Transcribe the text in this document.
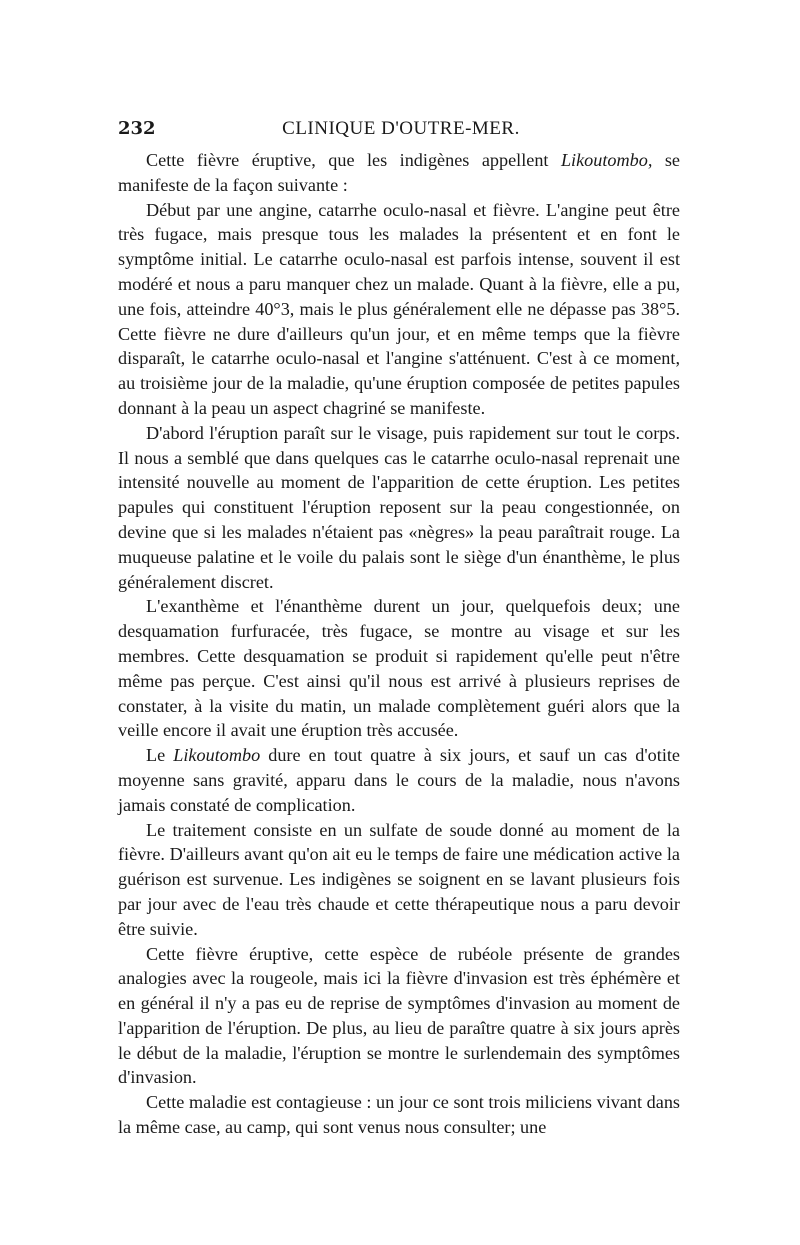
232	CLINIQUE D'OUTRE-MER.

Cette fièvre éruptive, que les indigènes appellent Likoutombo, se manifeste de la façon suivante :

Début par une angine, catarrhe oculo-nasal et fièvre. L'angine peut être très fugace, mais presque tous les malades la présentent et en font le symptôme initial. Le catarrhe oculo-nasal est parfois intense, souvent il est modéré et nous a paru manquer chez un malade. Quant à la fièvre, elle a pu, une fois, atteindre 40°3, mais le plus généralement elle ne dépasse pas 38°5. Cette fièvre ne dure d'ailleurs qu'un jour, et en même temps que la fièvre disparaît, le catarrhe oculo-nasal et l'angine s'atténuent. C'est à ce moment, au troisième jour de la maladie, qu'une éruption composée de petites papules donnant à la peau un aspect chagriné se manifeste.

D'abord l'éruption paraît sur le visage, puis rapidement sur tout le corps. Il nous a semblé que dans quelques cas le catarrhe oculo-nasal reprenait une intensité nouvelle au moment de l'apparition de cette éruption. Les petites papules qui constituent l'éruption reposent sur la peau congestionnée, on devine que si les malades n'étaient pas «nègres» la peau paraîtrait rouge. La muqueuse palatine et le voile du palais sont le siège d'un énanthème, le plus généralement discret.

L'exanthème et l'énanthème durent un jour, quelquefois deux; une desquamation furfuracée, très fugace, se montre au visage et sur les membres. Cette desquamation se produit si rapidement qu'elle peut n'être même pas perçue. C'est ainsi qu'il nous est arrivé à plusieurs reprises de constater, à la visite du matin, un malade complètement guéri alors que la veille encore il avait une éruption très accusée.

Le Likoutombo dure en tout quatre à six jours, et sauf un cas d'otite moyenne sans gravité, apparu dans le cours de la maladie, nous n'avons jamais constaté de complication.

Le traitement consiste en un sulfate de soude donné au moment de la fièvre. D'ailleurs avant qu'on ait eu le temps de faire une médication active la guérison est survenue. Les indigènes se soignent en se lavant plusieurs fois par jour avec de l'eau très chaude et cette thérapeutique nous a paru devoir être suivie.

Cette fièvre éruptive, cette espèce de rubéole présente de grandes analogies avec la rougeole, mais ici la fièvre d'invasion est très éphémère et en général il n'y a pas eu de reprise de symptômes d'invasion au moment de l'apparition de l'éruption. De plus, au lieu de paraître quatre à six jours après le début de la maladie, l'éruption se montre le surlendemain des symptômes d'invasion.

Cette maladie est contagieuse : un jour ce sont trois miliciens vivant dans la même case, au camp, qui sont venus nous consulter; une
